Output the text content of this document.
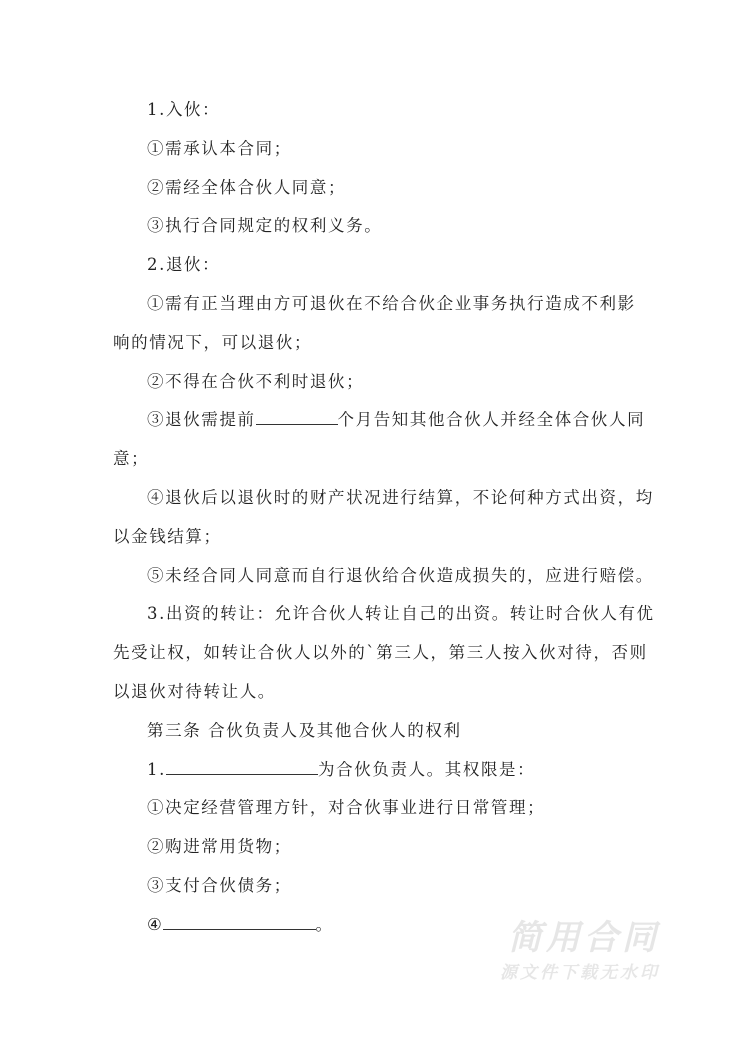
1.入伙：
①需承认本合同；
②需经全体合伙人同意；
③执行合同规定的权利义务。
2.退伙：
①需有正当理由方可退伙在不给合伙企业事务执行造成不利影
响的情况下，可以退伙；
②不得在合伙不利时退伙；
③退伙需提前	个月告知其他合伙人并经全体合伙人同
意；
④退伙后以退伙时的财产状况进行结算，不论何种方式出资，均
以金钱结算；
⑤未经合同人同意而自行退伙给合伙造成损失的，应进行赔偿。
3.出资的转让：允许合伙人转让自己的出资。转让时合伙人有优
先受让权，如转让合伙人以外的`第三人，第三人按入伙对待，否则
以退伙对待转让人。
第三条 合伙负责人及其他合伙人的权利
1.	为合伙负责人。其权限是：
①决定经营管理方针，对合伙事业进行日常管理；
②购进常用货物；
③支付合伙债务；
④	。	简用合同
源文件下载无水印
